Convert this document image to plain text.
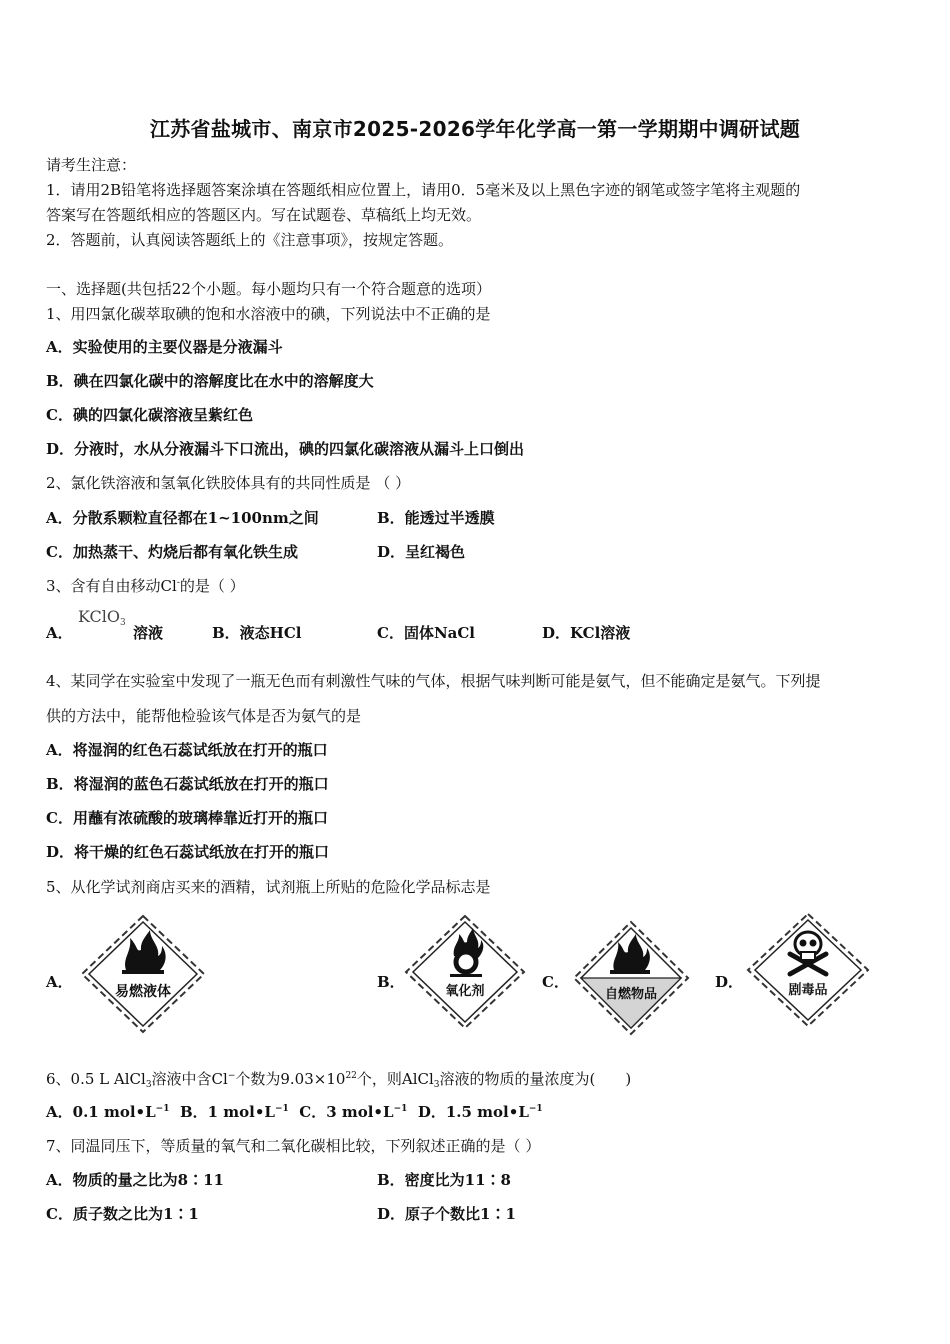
江苏省盐城市、南京市2025-2026学年化学高一第一学期期中调研试题
请考生注意：
1．请用2B铅笔将选择题答案涂填在答题纸相应位置上，请用0．5毫米及以上黑色字迹的钢笔或签字笔将主观题的
答案写在答题纸相应的答题区内。写在试题卷、草稿纸上均无效。
2．答题前，认真阅读答题纸上的《注意事项》，按规定答题。
一、选择题(共包括22个小题。每小题均只有一个符合题意的选项）
1、用四氯化碳萃取碘的饱和水溶液中的碘，下列说法中不正确的是
A．实验使用的主要仪器是分液漏斗
B．碘在四氯化碳中的溶解度比在水中的溶解度大
C．碘的四氯化碳溶液呈紫红色
D．分液时，水从分液漏斗下口流出，碘的四氯化碳溶液从漏斗上口倒出
2、氯化铁溶液和氢氧化铁胶体具有的共同性质是 （ ）
A．分散系颗粒直径都在1~100nm之间	B．能透过半透膜
C．加热蒸干、灼烧后都有氧化铁生成	D．呈红褐色
3、含有自由移动Cl-的是（ ）
A．
KClO$_3$
溶液	B．液态HCl	C．固体NaCl	D．KCl溶液
4、某同学在实验室中发现了一瓶无色而有刺激性气味的气体，根据气味判断可能是氨气，但不能确定是氨气。下列提
供的方法中，能帮他检验该气体是否为氨气的是
A．将湿润的红色石蕊试纸放在打开的瓶口
B．将湿润的蓝色石蕊试纸放在打开的瓶口
C．用蘸有浓硫酸的玻璃棒靠近打开的瓶口
D．将干燥的红色石蕊试纸放在打开的瓶口
5、从化学试剂商店买来的酒精，试剂瓶上所贴的危险化学品标志是
A．
易燃液体
B．
氧化剂
C．
自燃物品
D．	剧毒品
6、0.5 L AlCl$_3$溶液中含Cl−个数为$9.03\times 10^{22}$个，则AlCl$_3$溶液的物质的量浓度为(　　)
A．0.1 $mol•L^{-1}$ B．1 $mol•L^{-1}$ C．3 $mol•L^{-1}$ D．1.5 $mol•L^{-1}$
7、同温同压下，等质量的氧气和二氧化碳相比较，下列叙述正确的是（ ）
A．物质的量之比为8∶11	B．密度比为11∶8
C．质子数之比为1∶1	D．原子个数比1∶1
